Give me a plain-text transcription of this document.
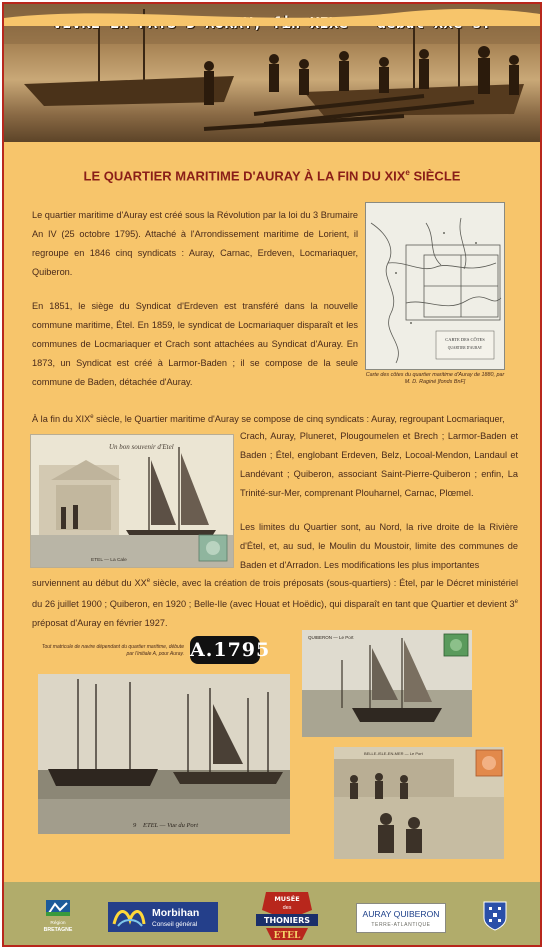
LE QUARTIER MARITIME D'AURAY À LA FIN DU XIXe SIÈCLE
Le quartier maritime d'Auray est créé sous la Révolution par la loi du 3 Brumaire An IV (25 octobre 1795). Attaché à l'Arrondissement maritime de Lorient, il regroupe en 1846 cinq syndicats : Auray, Carnac, Erdeven, Locmariaquer, Quiberon.
En 1851, le siège du Syndicat d'Erdeven est transféré dans la nouvelle commune maritime, Étel. En 1859, le syndicat de Locmariaquer disparaît et les communes de Locmariaquer et Crach sont attachées au Syndicat d'Auray. En 1873, un Syndicat est créé à Larmor-Baden ; il se compose de la seule commune de Baden, détachée d'Auray.
CARTE DES CÔTES
QUARTIER D'AURAY
Carte des côtes du quartier maritime d'Auray de 1880, par M. D. Raginé [fonds BnF]
À la fin du XIXe siècle, le Quartier maritime d'Auray se compose de cinq syndicats : Auray, regroupant Locmariaquer,
Un bon souvenir d'Etel
ETEL — La Cale
Crach, Auray, Pluneret, Plougoumelen et Brech ; Larmor-Baden et Baden ; Étel, englobant Erdeven, Belz, Locoal-Mendon, Landaul et Landévant ; Quiberon, associant Saint-Pierre-Quiberon ; enfin, La Trinité-sur-Mer, comprenant Plouharnel, Carnac, Plœmel.
Les limites du Quartier sont, au Nord, la rive droite de la Rivière d'Étel, et, au sud, le Moulin du Moustoir, limite des communes de Baden et d'Arradon. Les modifications les plus importantes
surviennent au début du XXe siècle, avec la création de trois préposats (sous-quartiers) : Étel, par le Décret ministériel du 26 juillet 1900 ; Quiberon, en 1920 ; Belle-Ile (avec Houat et Hoëdic), qui disparaît en tant que Quartier et devient 3e préposat d'Auray en février 1927.
Tout matricule de navire dépendant du quartier maritime, débute par l'initiale A, pour Auray. A.1795
QUIBERON — Le Port
9 ETEL — Vue du Port
BELLE-ISLE-EN-MER — Le Port
Région
BRETAGNE
Morbihan
Conseil général
MUSÉE
des
THONIERS
ETEL
AURAY QUIBERON
TERRE-ATLANTIQUE
